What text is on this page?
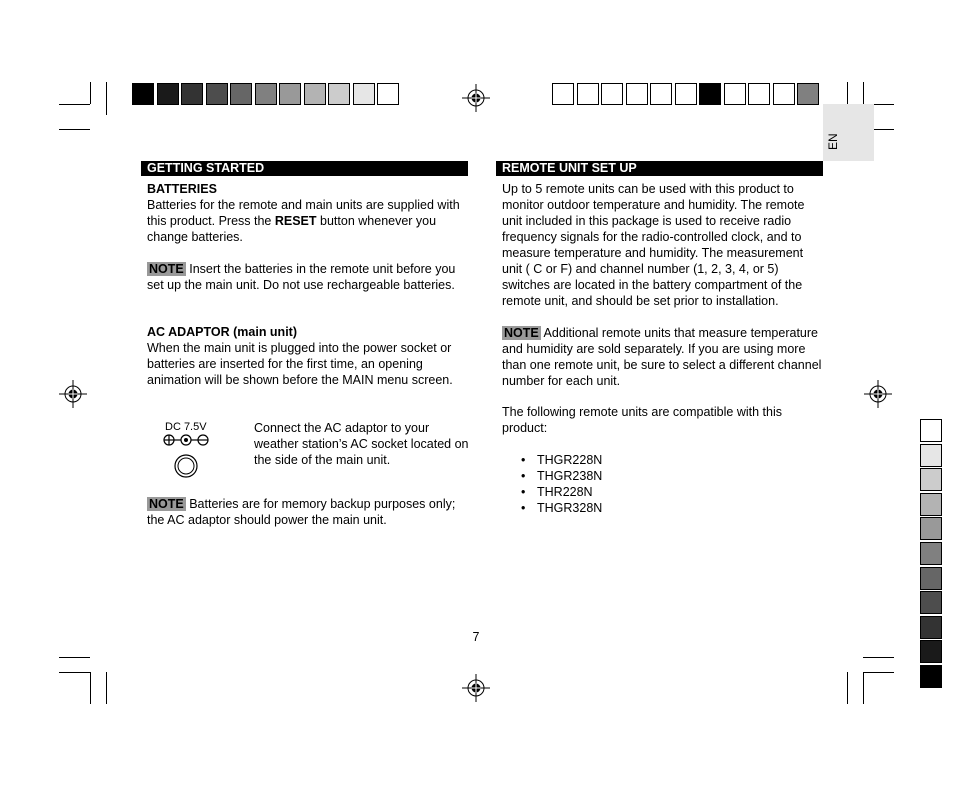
EN
GETTING STARTED

BATTERIES

Batteries for the remote and main units are supplied with this product. Press the RESET button whenever you change batteries.

NOTE Insert the batteries in the remote unit before you set up the main unit. Do not use rechargeable batteries.

AC ADAPTOR (main unit)

When the main unit is plugged into the power socket or batteries are inserted for the first time, an opening animation will be shown before the MAIN menu screen.

DC 7.5V	Connect the AC adaptor to your weather station’s AC socket located on the side of the main unit.

NOTE Batteries are for memory backup purposes only; the AC adaptor should power the main unit.

REMOTE UNIT SET UP
Up to 5 remote units can be used with this product to monitor outdoor temperature and humidity. The remote unit included in this package is used to receive radio frequency signals for the radio-controlled clock, and to measure temperature and humidity. The measurement unit ( C or F) and channel number (1, 2, 3, 4, or 5) switches are located in the battery compartment of the remote unit, and should be set prior to installation.

NOTE Additional remote units that measure temperature and humidity are sold separately. If you are using more than one remote unit, be sure to select a different channel number for each unit.

The following remote units are compatible with this product:
• THGR228N
• THGR238N
• THR228N
• THGR328N
7
